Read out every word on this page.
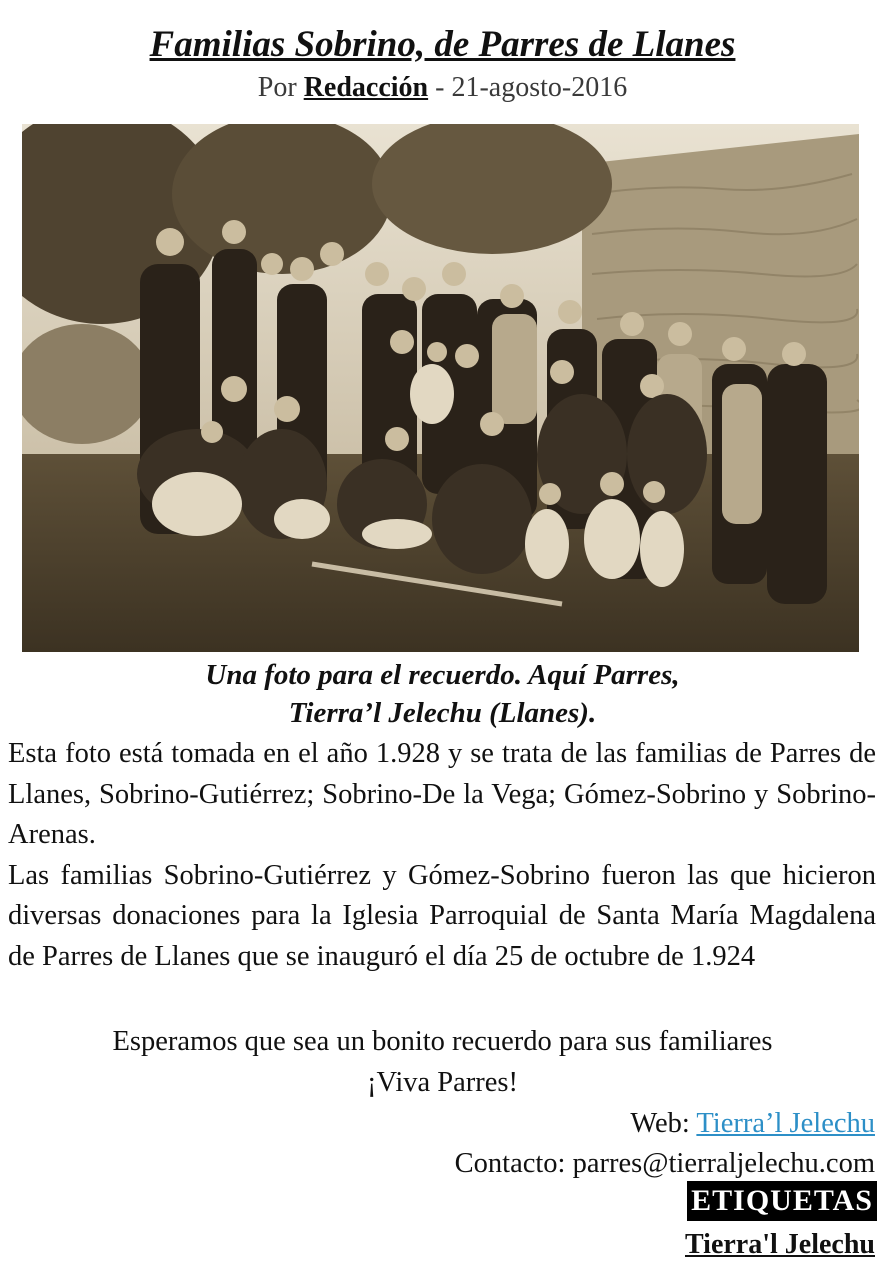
Familias Sobrino, de Parres de Llanes
Por Redacción - 21-agosto-2016
Una foto para el recuerdo. Aquí Parres,
Tierra’l Jelechu (Llanes).

Esta foto está tomada en el año 1.928 y se trata de las familias de Parres de Llanes, Sobrino-Gutiérrez; Sobrino-De la Vega; Gómez-Sobrino y Sobrino-Arenas.

Las familias Sobrino-Gutiérrez y Gómez-Sobrino fueron las que hicieron diversas donaciones para la Iglesia Parroquial de Santa María Magdalena de Parres de Llanes que se inauguró el día 25 de octubre de 1.924

Esperamos que sea un bonito recuerdo para sus familiares
¡Viva Parres!
Web: Tierra’l Jelechu
Contacto: parres@tierraljelechu.com
ETIQUETAS
Tierra'l Jelechu
